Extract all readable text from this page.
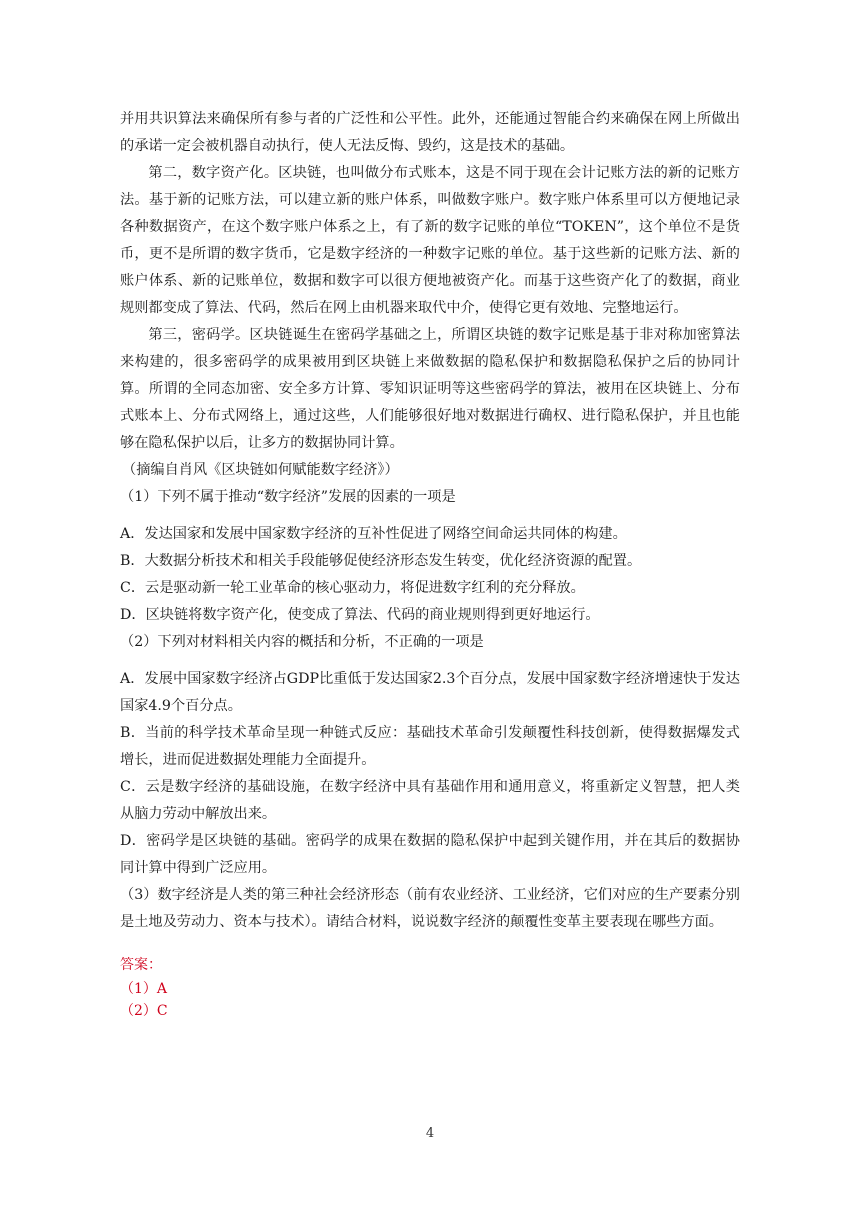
并用共识算法来确保所有参与者的广泛性和公平性。此外，还能通过智能合约来确保在网上所做出的承诺一定会被机器自动执行，使人无法反悔、毁约，这是技术的基础。

第二，数字资产化。区块链，也叫做分布式账本，这是不同于现在会计记账方法的新的记账方法。基于新的记账方法，可以建立新的账户体系，叫做数字账户。数字账户体系里可以方便地记录各种数据资产，在这个数字账户体系之上，有了新的数字记账的单位“TOKEN”，这个单位不是货币，更不是所谓的数字货币，它是数字经济的一种数字记账的单位。基于这些新的记账方法、新的账户体系、新的记账单位，数据和数字可以很方便地被资产化。而基于这些资产化了的数据，商业规则都变成了算法、代码，然后在网上由机器来取代中介，使得它更有效地、完整地运行。

第三，密码学。区块链诞生在密码学基础之上，所谓区块链的数字记账是基于非对称加密算法来构建的，很多密码学的成果被用到区块链上来做数据的隐私保护和数据隐私保护之后的协同计算。所谓的全同态加密、安全多方计算、零知识证明等这些密码学的算法，被用在区块链上、分布式账本上、分布式网络上，通过这些，人们能够很好地对数据进行确权、进行隐私保护，并且也能够在隐私保护以后，让多方的数据协同计算。

（摘编自肖风《区块链如何赋能数字经济》）

（1）下列不属于推动“数字经济”发展的因素的一项是

A．发达国家和发展中国家数字经济的互补性促进了网络空间命运共同体的构建。

B．大数据分析技术和相关手段能够促使经济形态发生转变，优化经济资源的配置。

C．云是驱动新一轮工业革命的核心驱动力，将促进数字红利的充分释放。

D．区块链将数字资产化，使变成了算法、代码的商业规则得到更好地运行。

（2）下列对材料相关内容的概括和分析，不正确的一项是

A．发展中国家数字经济占GDP比重低于发达国家2.3个百分点，发展中国家数字经济增速快于发达国家4.9个百分点。

B．当前的科学技术革命呈现一种链式反应：基础技术革命引发颠覆性科技创新，使得数据爆发式增长，进而促进数据处理能力全面提升。

C．云是数字经济的基础设施，在数字经济中具有基础作用和通用意义，将重新定义智慧，把人类从脑力劳动中解放出来。

D．密码学是区块链的基础。密码学的成果在数据的隐私保护中起到关键作用，并在其后的数据协同计算中得到广泛应用。

（3）数字经济是人类的第三种社会经济形态（前有农业经济、工业经济，它们对应的生产要素分别是土地及劳动力、资本与技术）。请结合材料，说说数字经济的颠覆性变革主要表现在哪些方面。

答案：
（1）A
（2）C
4
